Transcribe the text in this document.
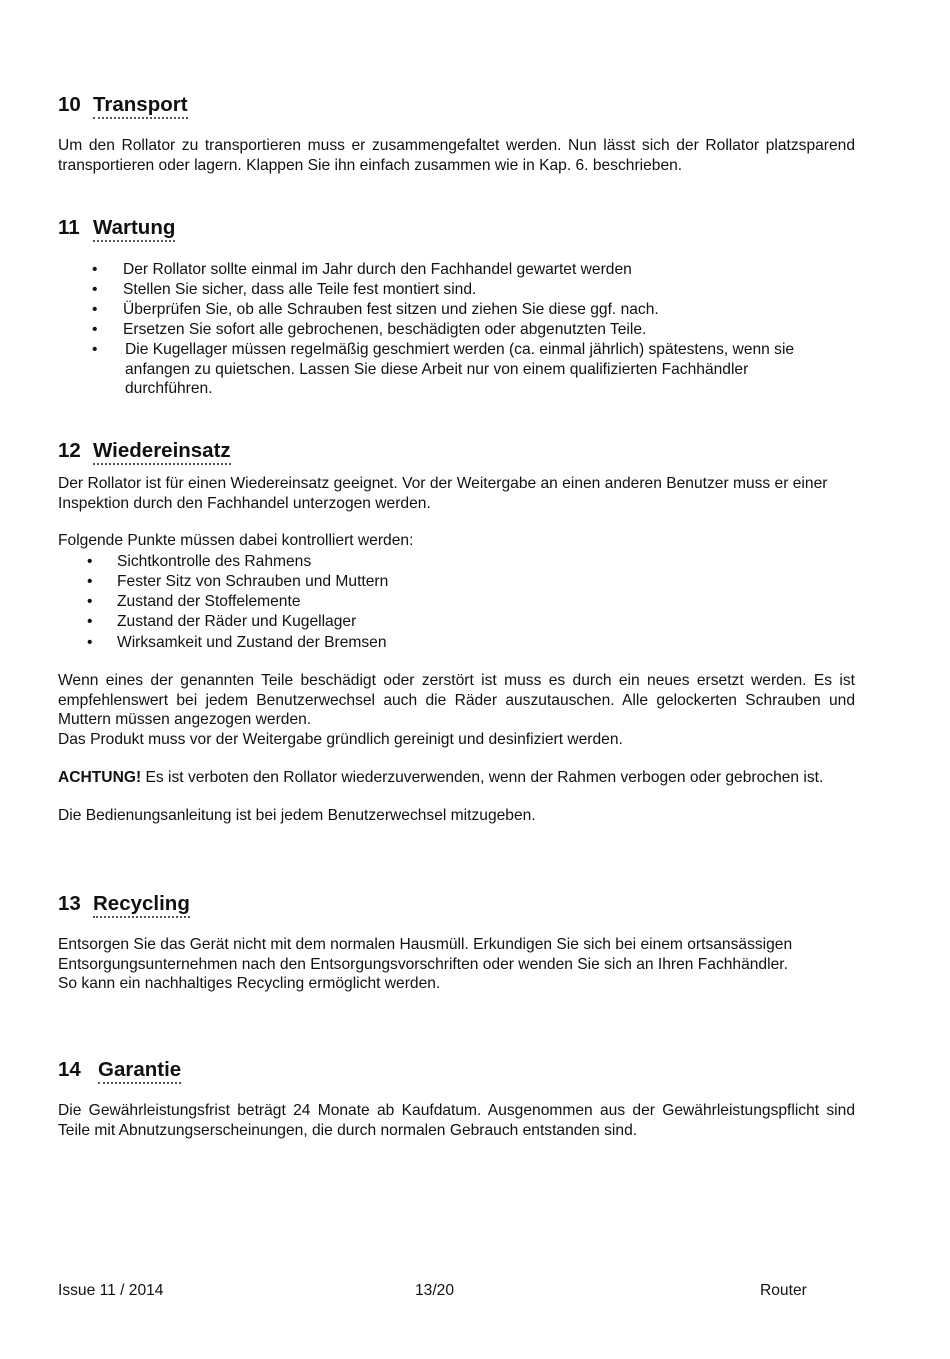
10 Transport

Um den Rollator zu transportieren muss er zusammengefaltet werden. Nun lässt sich der Rollator platzsparend transportieren oder lagern. Klappen Sie ihn einfach zusammen wie in Kap. 6. beschrieben.

11 Wartung
• Der Rollator sollte einmal im Jahr durch den Fachhandel gewartet werden
• Stellen Sie sicher, dass alle Teile fest montiert sind.
• Überprüfen Sie, ob alle Schrauben fest sitzen und ziehen Sie diese ggf. nach.
• Ersetzen Sie sofort alle gebrochenen, beschädigten oder abgenutzten Teile.
• Die Kugellager müssen regelmäßig geschmiert werden (ca. einmal jährlich) spätestens, wenn sie anfangen zu quietschen. Lassen Sie diese Arbeit nur von einem qualifizierten Fachhändler durchführen.
12 Wiedereinsatz

Der Rollator ist für einen Wiedereinsatz geeignet. Vor der Weitergabe an einen anderen Benutzer muss er einer Inspektion durch den Fachhandel unterzogen werden.

Folgende Punkte müssen dabei kontrolliert werden:

• Sichtkontrolle des Rahmens
• Fester Sitz von Schrauben und Muttern
• Zustand der Stoffelemente
• Zustand der Räder und Kugellager
• Wirksamkeit und Zustand der Bremsen

Wenn eines der genannten Teile beschädigt oder zerstört ist muss es durch ein neues ersetzt werden. Es ist empfehlenswert bei jedem Benutzerwechsel auch die Räder auszutauschen. Alle gelockerten Schrauben und Muttern müssen angezogen werden.

Das Produkt muss vor der Weitergabe gründlich gereinigt und desinfiziert werden.

ACHTUNG! Es ist verboten den Rollator wiederzuverwenden, wenn der Rahmen verbogen oder gebrochen ist.

Die Bedienungsanleitung ist bei jedem Benutzerwechsel mitzugeben.

13 Recycling

Entsorgen Sie das Gerät nicht mit dem normalen Hausmüll. Erkundigen Sie sich bei einem ortsansässigen

Entsorgungsunternehmen nach den Entsorgungsvorschriften oder wenden Sie sich an Ihren Fachhändler.

So kann ein nachhaltiges Recycling ermöglicht werden.

14 Garantie

Die Gewährleistungsfrist beträgt 24 Monate ab Kaufdatum. Ausgenommen aus der Gewährleistungspflicht sind Teile mit Abnutzungserscheinungen, die durch normalen Gebrauch entstanden sind.

Issue 11 / 2014	13/20	Router
